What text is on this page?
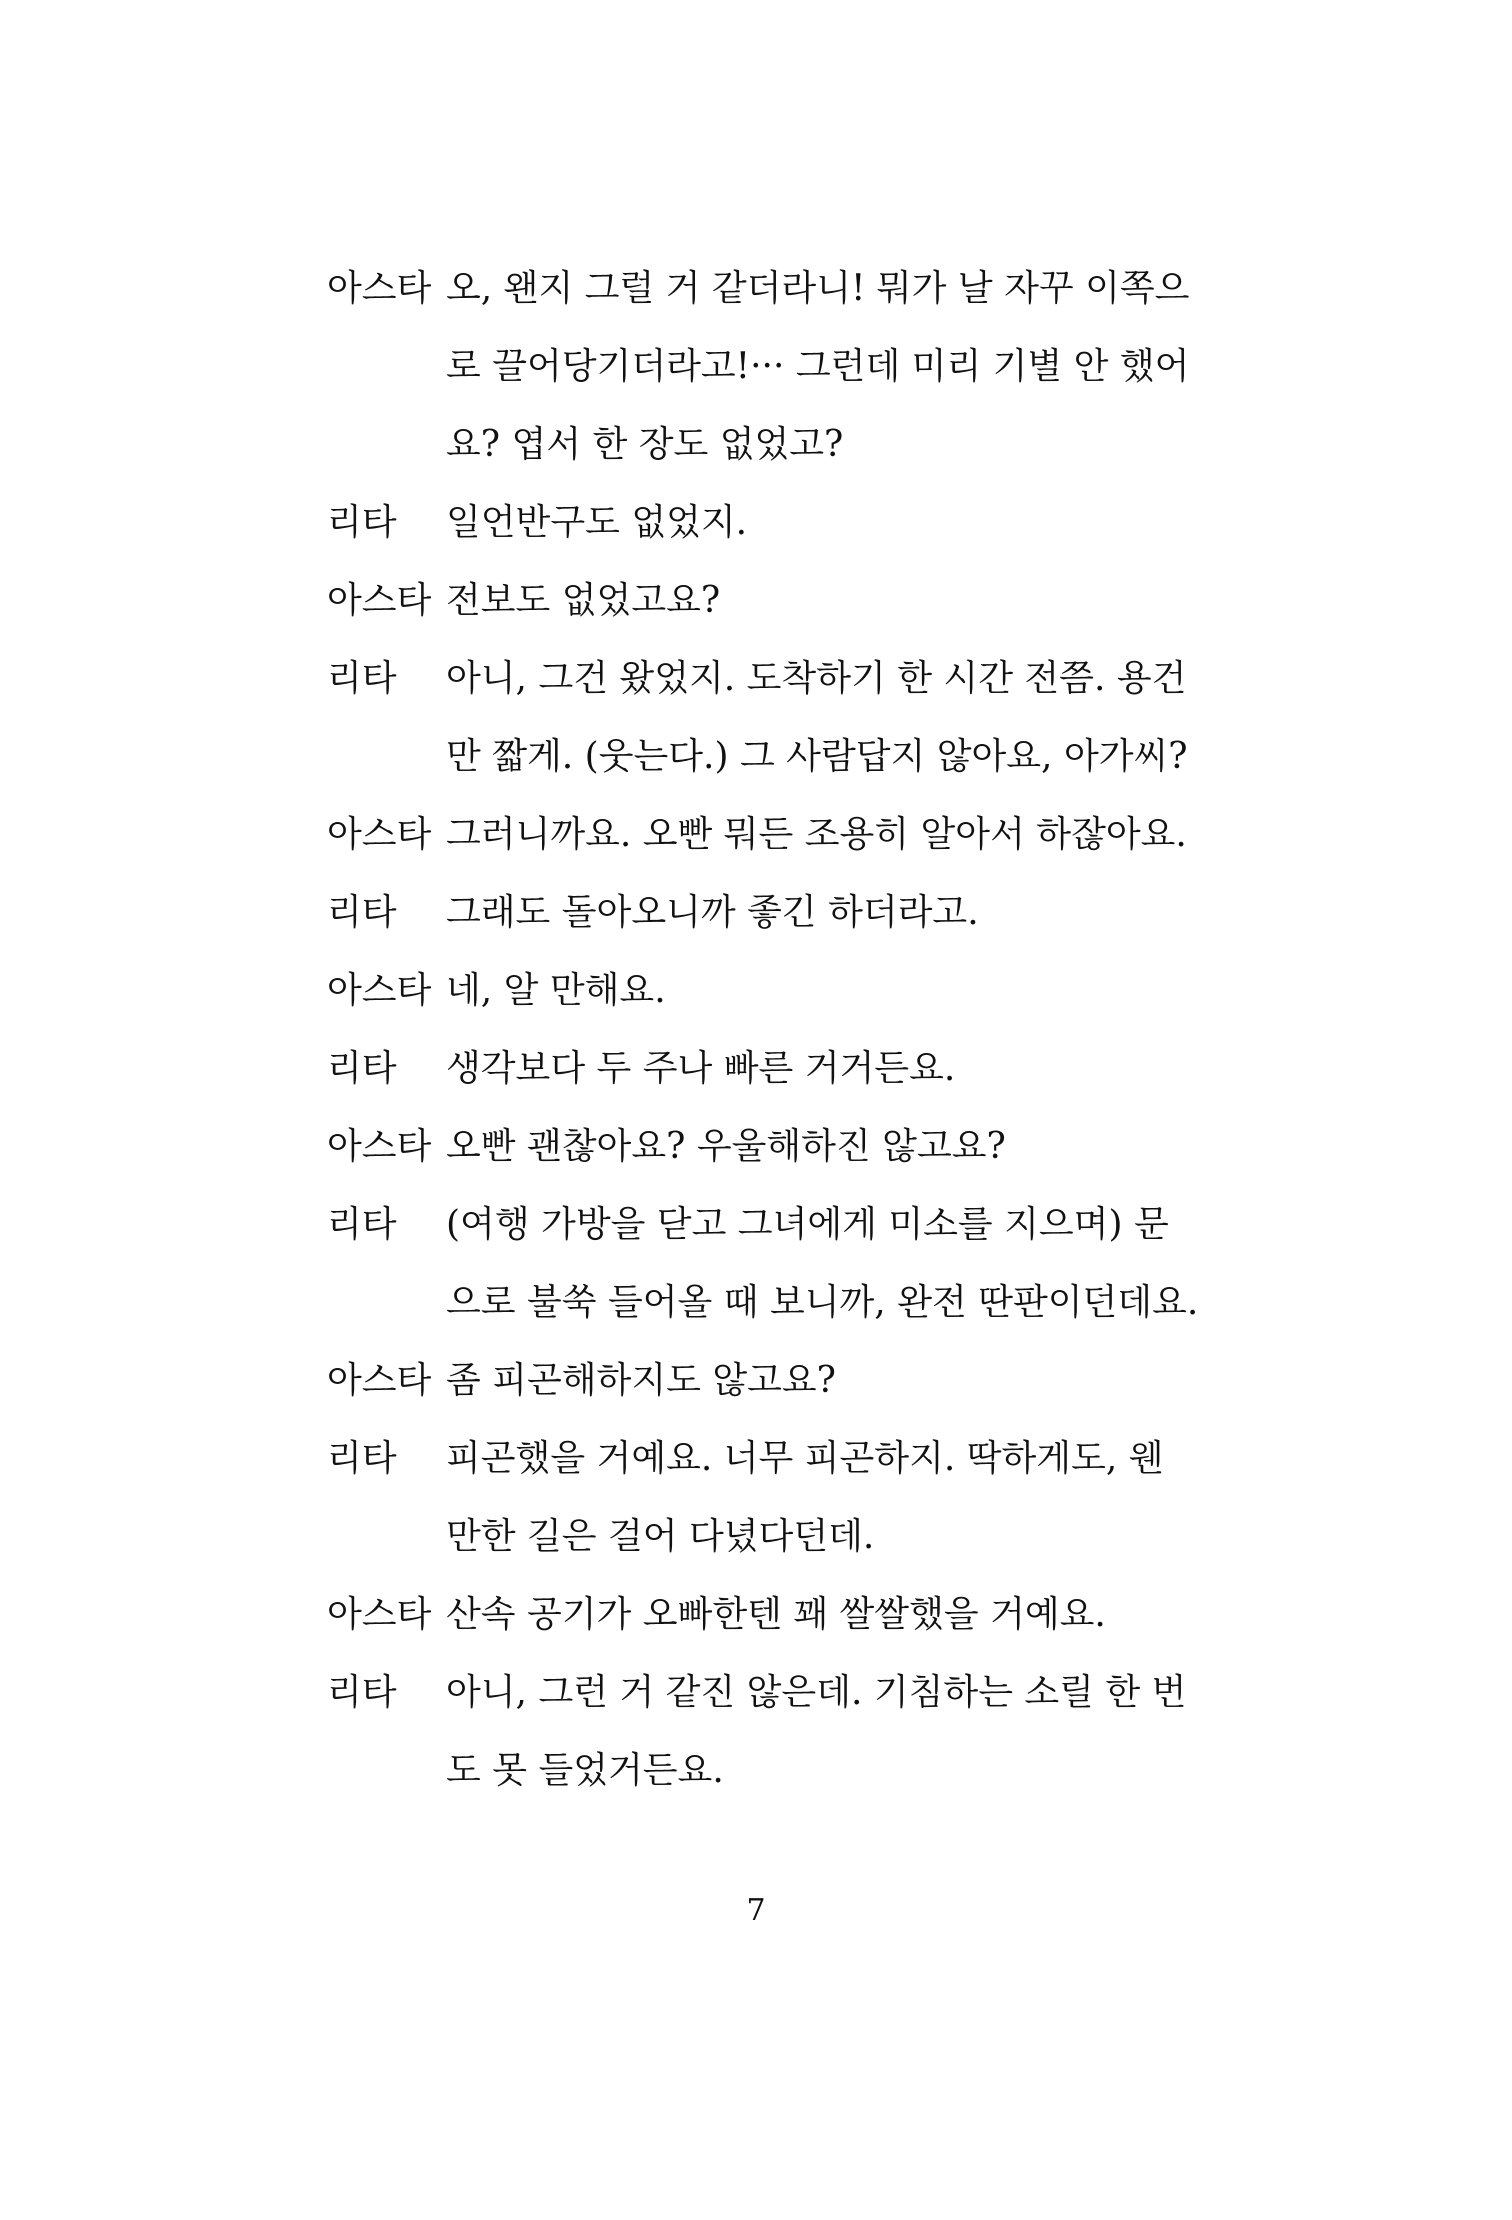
아스타 오, 왠지 그럴 거 같더라니! 뭐가 날 자꾸 이쪽으
로 끌어당기더라고!··· 그런데 미리 기별 안 했어
요? 엽서 한 장도 없었고?
리타	일언반구도 없었지.
아스타 전보도 없었고요?
리타	아니, 그건 왔었지. 도착하기 한 시간 전쯤. 용건
만 짧게. (웃는다.) 그 사람답지 않아요, 아가씨?
아스타 그러니까요. 오빤 뭐든 조용히 알아서 하잖아요.
리타	그래도 돌아오니까 좋긴 하더라고.
아스타 네, 알 만해요.
리타	생각보다 두 주나 빠른 거거든요.
아스타 오빤 괜찮아요? 우울해하진 않고요?
리타	(여행 가방을 닫고 그녀에게 미소를 지으며) 문
으로 불쑥 들어올 때 보니까, 완전 딴판이던데요.
아스타 좀 피곤해하지도 않고요?
리타	피곤했을 거예요. 너무 피곤하지. 딱하게도, 웬
만한 길은 걸어 다녔다던데.
아스타 산속 공기가 오빠한텐 꽤 쌀쌀했을 거예요.
리타	아니, 그런 거 같진 않은데. 기침하는 소릴 한 번
도 못 들었거든요.
7
